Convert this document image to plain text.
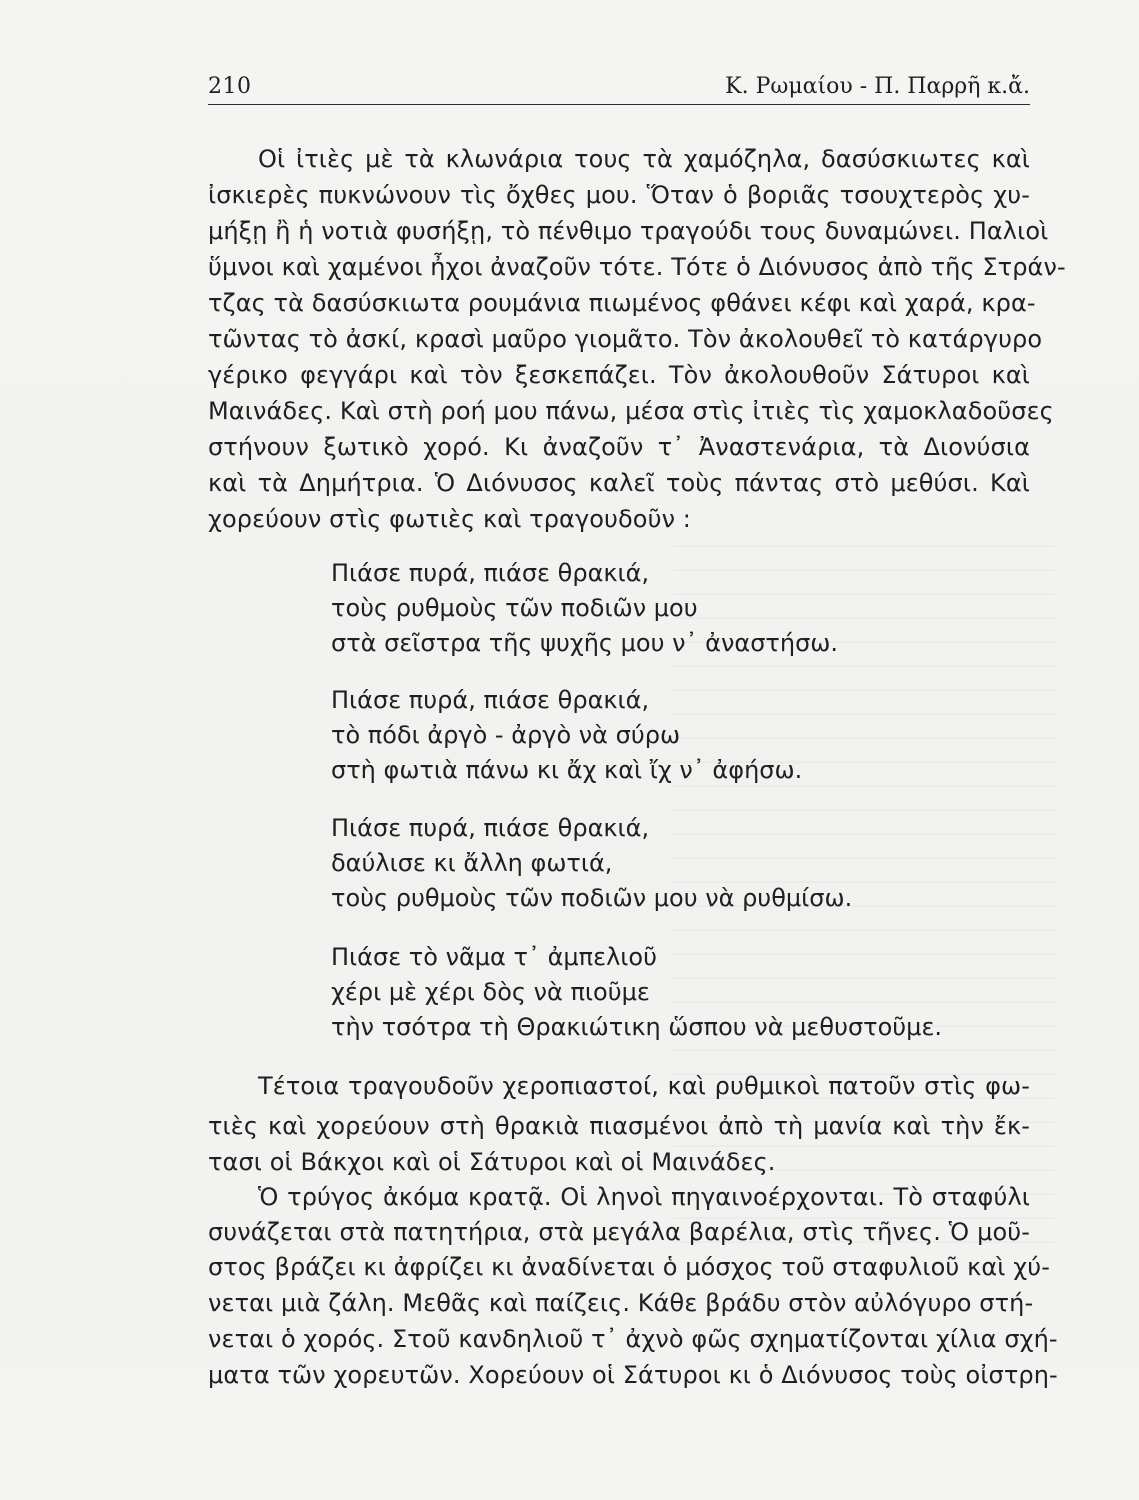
210	Κ. Ρωμαίου - Π. Παρρῆ κ.ἄ.
Οἱ ἰτιὲς μὲ τὰ κλωνάρια τους τὰ χαμόζηλα, δασύσκιωτες καὶ
ἰσκιερὲς πυκνώνουν τὶς ὄχθες μου. Ὅταν ὁ βοριᾶς τσουχτερὸς χυ-
μήξῃ ἢ ἡ νοτιὰ φυσήξῃ, τὸ πένθιμο τραγούδι τους δυναμώνει. Παλιοὶ
ὕμνοι καὶ χαμένοι ἦχοι ἀναζοῦν τότε. Τότε ὁ Διόνυσος ἀπὸ τῆς Στράν-
τζας τὰ δασύσκιωτα ρουμάνια πιωμένος φθάνει κέφι καὶ χαρά, κρα-
τῶντας τὸ ἀσκί, κρασὶ μαῦρο γιομᾶτο. Τὸν ἀκολουθεῖ τὸ κατάργυρο
γέρικο φεγγάρι καὶ τὸν ξεσκεπάζει. Τὸν ἀκολουθοῦν Σάτυροι καὶ
Μαινάδες. Καὶ στὴ ροή μου πάνω, μέσα στὶς ἰτιὲς τὶς χαμοκλαδοῦσες
στήνουν ξωτικὸ χορό. Κι ἀναζοῦν τ᾽ Ἀναστενάρια, τὰ Διονύσια
καὶ τὰ Δημήτρια. Ὁ Διόνυσος καλεῖ τοὺς πάντας στὸ μεθύσι. Καὶ
χορεύουν στὶς φωτιὲς καὶ τραγουδοῦν :
Πιάσε πυρά, πιάσε θρακιά,
τοὺς ρυθμοὺς τῶν ποδιῶν μου
στὰ σεῖστρα τῆς ψυχῆς μου ν᾽ ἀναστήσω.
Πιάσε πυρά, πιάσε θρακιά,
τὸ πόδι ἀργὸ - ἀργὸ νὰ σύρω
στὴ φωτιὰ πάνω κι ἄχ καὶ ἴχ ν᾽ ἀφήσω.
Πιάσε πυρά, πιάσε θρακιά,
δαύλισε κι ἄλλη φωτιά,
τοὺς ρυθμοὺς τῶν ποδιῶν μου νὰ ρυθμίσω.
Πιάσε τὸ νᾶμα τ᾽ ἀμπελιοῦ
χέρι μὲ χέρι δὸς νὰ πιοῦμε
τὴν τσότρα τὴ Θρακιώτικη ὥσπου νὰ μεθυστοῦμε.
Τέτοια τραγουδοῦν χεροπιαστοί, καὶ ρυθμικοὶ πατοῦν στὶς φω-
τιὲς καὶ χορεύουν στὴ θρακιὰ πιασμένοι ἀπὸ τὴ μανία καὶ τὴν ἔκ-
τασι οἱ Βάκχοι καὶ οἱ Σάτυροι καὶ οἱ Μαινάδες.
Ὁ τρύγος ἀκόμα κρατᾷ. Οἱ ληνοὶ πηγαινοέρχονται. Τὸ σταφύλι
συνάζεται στὰ πατητήρια, στὰ μεγάλα βαρέλια, στὶς τῆνες. Ὁ μοῦ-
στος βράζει κι ἀφρίζει κι ἀναδίνεται ὁ μόσχος τοῦ σταφυλιοῦ καὶ χύ-
νεται μιὰ ζάλη. Μεθᾶς καὶ παίζεις. Κάθε βράδυ στὸν αὐλόγυρο στή-
νεται ὁ χορός. Στοῦ κανδηλιοῦ τ᾽ ἀχνὸ φῶς σχηματίζονται χίλια σχή-
ματα τῶν χορευτῶν. Χορεύουν οἱ Σάτυροι κι ὁ Διόνυσος τοὺς οἰστρη-
